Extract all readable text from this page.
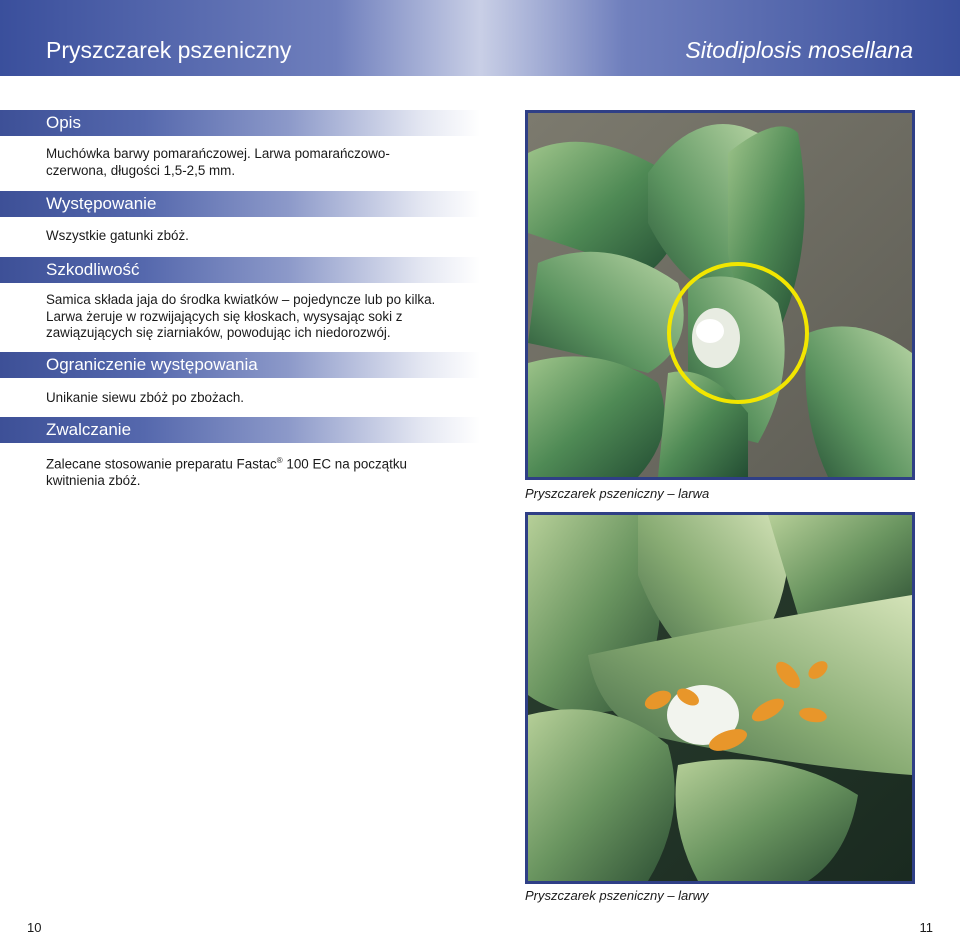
Pryszczarek pszeniczny	Sitodiplosis mosellana
Opis

Muchówka barwy pomarańczowej. Larwa pomarańczowo-czerwona, długości 1,5-2,5 mm.

Występowanie

Wszystkie gatunki zbóż.

Szkodliwość

Samica składa jaja do środka kwiatków – pojedyncze lub po kilka. Larwa żeruje w rozwijających się kłoskach, wysysając soki z zawiązujących się ziarniaków, powodując ich niedorozwój.

Ograniczenie występowania

Unikanie siewu zbóż po zbożach.

Zwalczanie

Zalecane stosowanie preparatu Fastac® 100 EC na początku kwitnienia zbóż.

Pryszczarek pszeniczny – larwa
Pryszczarek pszeniczny – larwy
10	11
